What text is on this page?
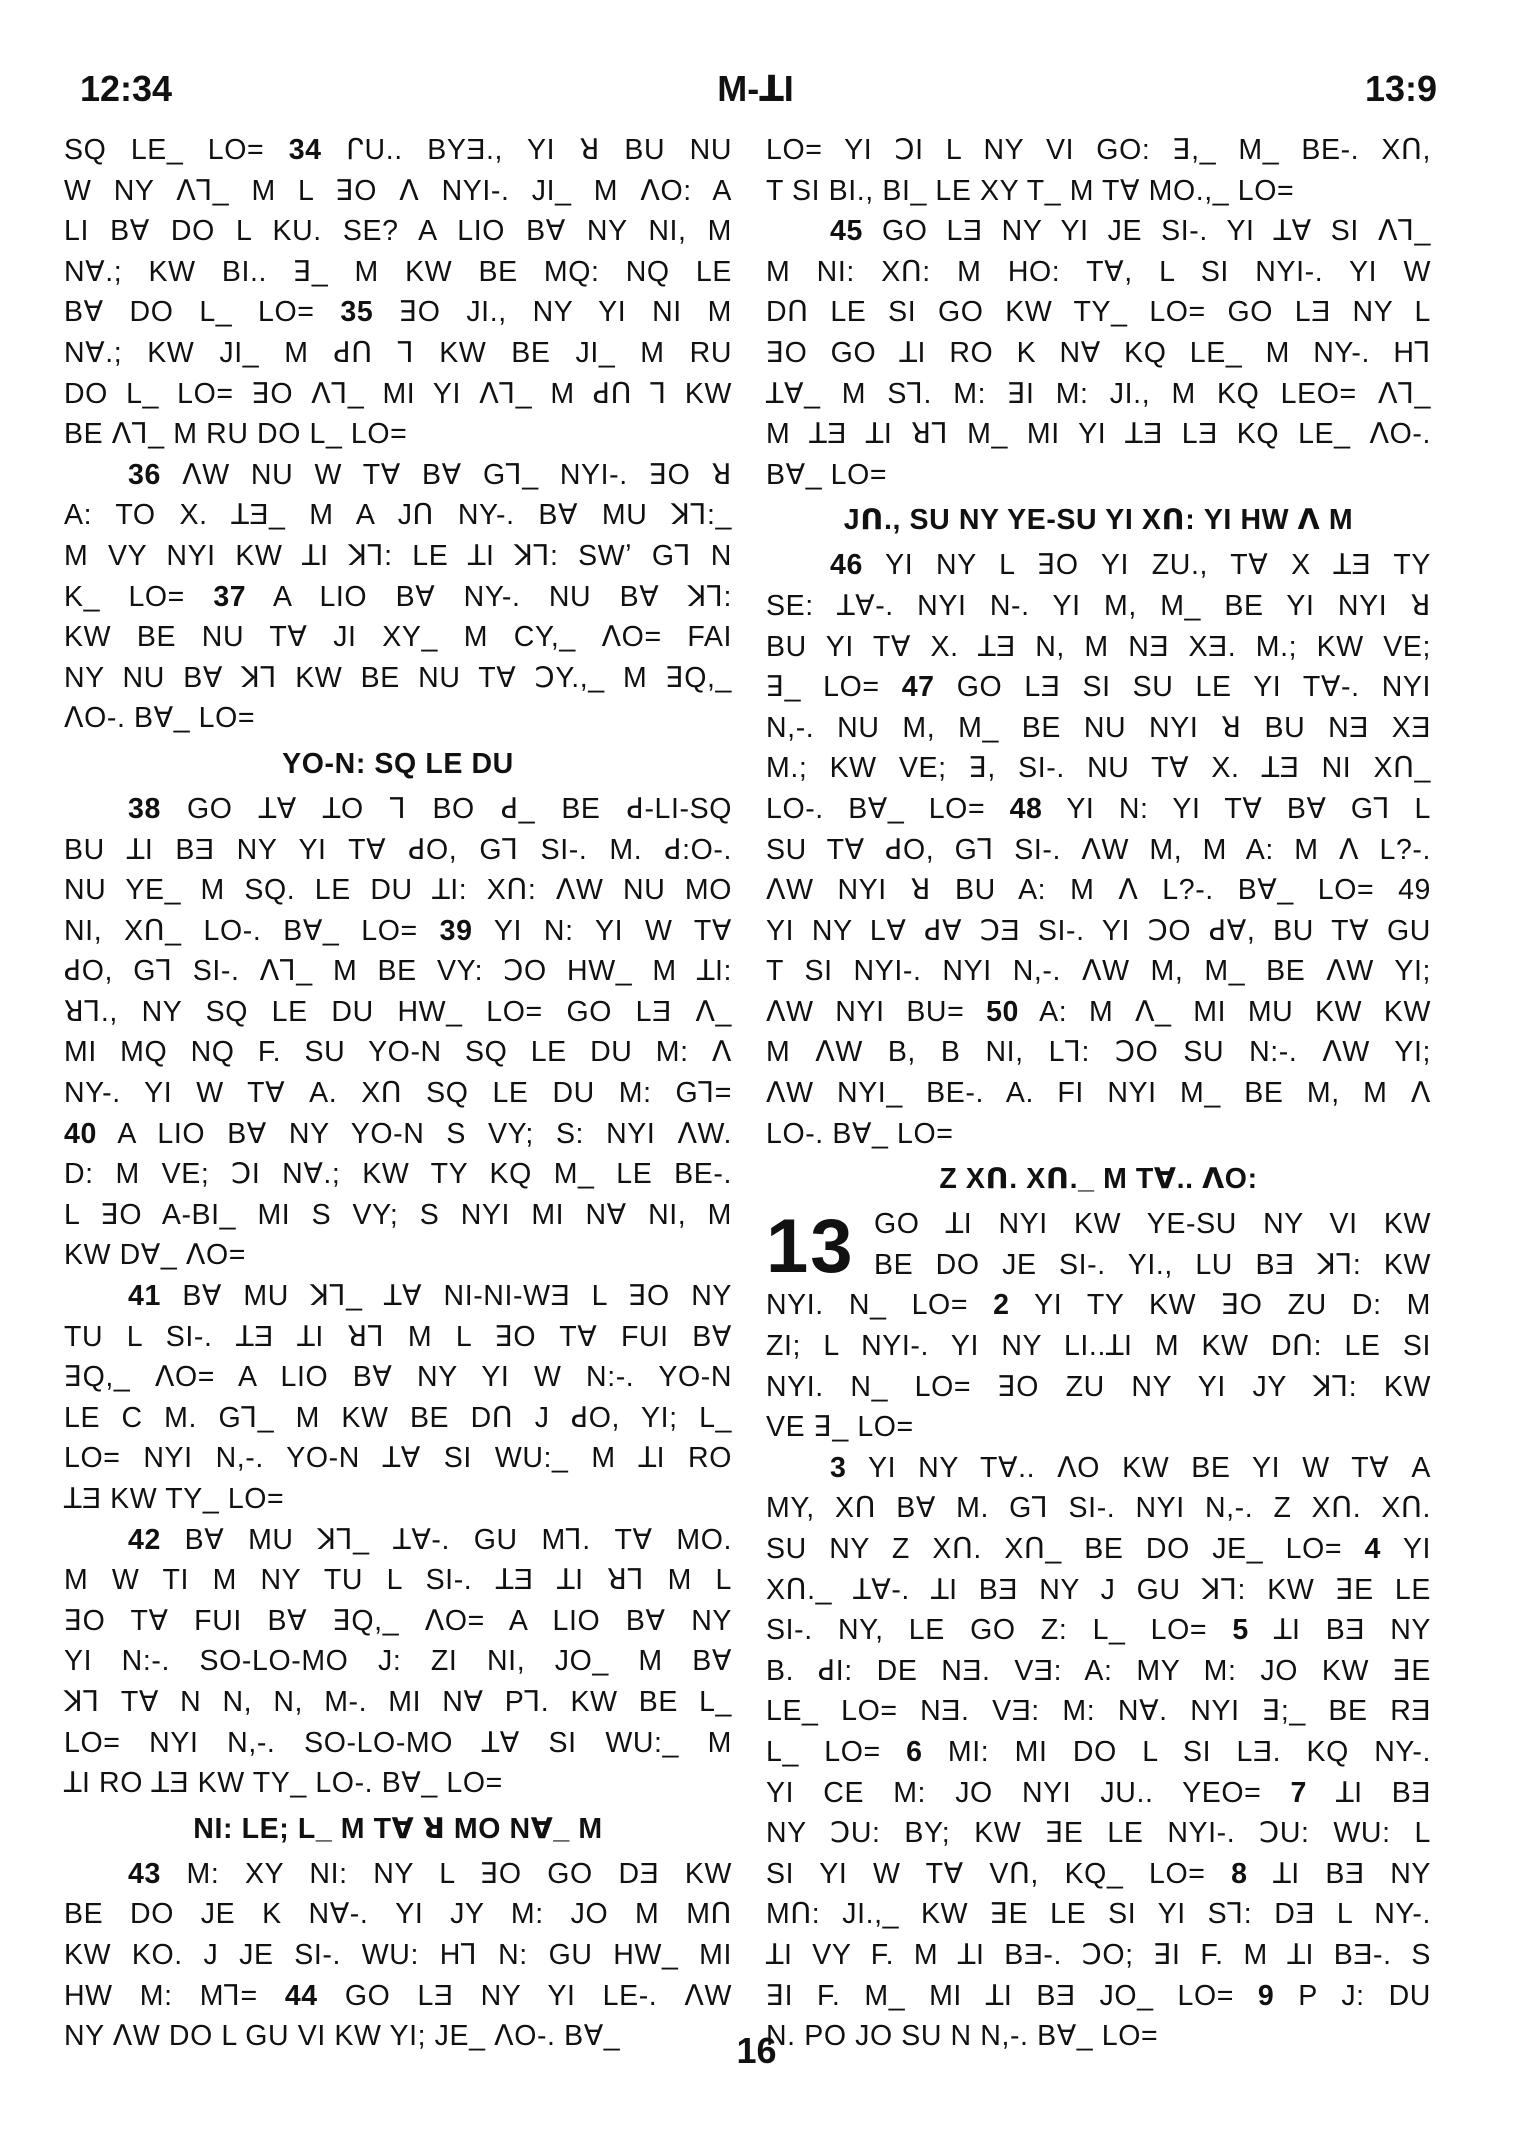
12:34	M-ꓕI	13:9
SQ LE_ LO= 34 ᒋU.. BYƎ., YI ꓤ BU NU
W NY ꓥꓶ_ M L ꓱO ꓥ NYI-. JI_ M ꓥO: A
LI Bꓯ DO L KU. SE? A LIO Bꓯ NY NI, M
Nꓯ.; KW BI.. ꓱ_ M KW BE MQ: NQ LE
Bꓯ DO L_ LO= 35 ꓱO JI., NY YI NI M
Nꓯ.; KW JI_ M ꓒꓵ ꓶ KW BE JI_ M RU
DO L_ LO= ꓱO ꓥꓶ_ MI YI ꓥꓶ_ M ꓒꓵ ꓶ KW
BE ꓥꓶ_ M RU DO L_ LO=
36 ꓥW NU W Tꓯ Bꓯ Gꓶ_ NYI-. ꓱO ꓤ
A: TO X. ꓕƎ_ M A Jꓵ NY-. Bꓯ MU ꓘꓶ:_
M VY NYI KW ꓕI ꓘꓶ: LE ꓕI ꓘꓶ: SWʼ Gꓶ N
K_ LO= 37 A LIO Bꓯ NY-. NU Bꓯ ꓘꓶ:
KW BE NU Tꓯ JI XY_ M CY,_ ꓥO= FAI
NY NU Bꓯ ꓘꓶ KW BE NU Tꓯ ꓛY.,_ M ꓱQ,_
ꓥO-. Bꓯ_ LO=
YO-N: SQ LE DU
38 GO ꓕꓯ ꓕO ꓶ BO ꓒ_ BE ꓒ-LI-SQ
BU ꓕI BƎ NY YI Tꓯ ꓒO, Gꓶ SI-. M. ꓒ:O-.
NU YE_ M SQ. LE DU ꓕI: Xꓵ: ꓥW NU MO
NI, Xꓵ_ LO-. Bꓯ_ LO= 39 YI N: YI W Tꓯ
ꓒO, Gꓶ SI-. ꓥꓶ_ M BE VY: ꓛO HW_ M ꓕI:
ꓤꓶ., NY SQ LE DU HW_ LO= GO LƎ ꓥ_
MI MQ NQ F. SU YO-N SQ LE DU M: ꓥ
NY-. YI W Tꓯ A. Xꓵ SQ LE DU M: Gꓶ=
40 A LIO Bꓯ NY YO-N S VY; S: NYI ꓥW.
D: M VE; ꓛI Nꓯ.; KW TY KQ M_ LE BE-.
L ꓱO A-BI_ MI S VY; S NYI MI Nꓯ NI, M
KW Dꓯ_ ꓥO=
41 Bꓯ MU ꓘꓶ_ ꓕꓯ NI-NI-WƎ L ꓱO NY
TU L SI-. ꓕƎ ꓕI ꓤꓶ M L ꓱO Tꓯ FUI Bꓯ
ꓱQ,_ ꓥO= A LIO Bꓯ NY YI W N:-. YO-N
LE C M. Gꓶ_ M KW BE Dꓵ J ꓒO, YI; L_
LO= NYI N,-. YO-N ꓕꓯ SI WU:_ M ꓕI RO
ꓕƎ KW TY_ LO=
42 Bꓯ MU ꓘꓶ_ ꓕꓯ-. GU Mꓶ. Tꓯ MO.
M W TI M NY TU L SI-. ꓕƎ ꓕI ꓤꓶ M L
ꓱO Tꓯ FUI Bꓯ ꓱQ,_ ꓥO= A LIO Bꓯ NY
YI N:-. SO-LO-MO J: ZI NI, JO_ M Bꓯ
ꓘꓶ Tꓯ N N, N, M-. MI Nꓯ Pꓶ. KW BE L_
LO= NYI N,-. SO-LO-MO ꓕꓯ SI WU:_ M
ꓕI RO ꓕƎ KW TY_ LO-. Bꓯ_ LO=
NI: LE; L_ M Tꓯ ꓤ MO Nꓯ_ M
43 M: XY NI: NY L ꓱO GO DƎ KW
BE DO JE K Nꓯ-. YI JY M: JO M Mꓵ
KW KO. J JE SI-. WU: Hꓶ N: GU HW_ MI
HW M: Mꓶ= 44 GO LƎ NY YI LE-. ꓥW
NY ꓥW DO L GU VI KW YI; JE_ ꓥO-. Bꓯ_
LO= YI ꓛI L NY VI GO: ꓱ,_ M_ BE-. Xꓵ,
T SI BI., BI_ LE XY T_ M Tꓯ MO.,_ LO=
45 GO LƎ NY YI JE SI-. YI ꓕꓯ SI ꓥꓶ_
M NI: Xꓵ: M HO: Tꓯ, L SI NYI-. YI W
Dꓵ LE SI GO KW TY_ LO= GO LƎ NY L
ꓱO GO ꓕI RO K Nꓯ KQ LE_ M NY-. Hꓶ
ꓕꓯ_ M Sꓶ. M: ꓱI M: JI., M KQ LEO= ꓥꓶ_
M ꓕƎ ꓕI ꓤꓶ M_ MI YI ꓕƎ LƎ KQ LE_ ꓥO-.
Bꓯ_ LO=
Jꓵ., SU NY YE-SU YI Xꓵ: YI HW ꓥ M
46 YI NY L ꓱO YI ZU., Tꓯ X ꓕƎ TY
SE: ꓕꓯ-. NYI N-. YI M, M_ BE YI NYI ꓤ
BU YI Tꓯ X. ꓕƎ N, M NƎ XƎ. M.; KW VE;
ꓱ_ LO= 47 GO LƎ SI SU LE YI Tꓯ-. NYI
N,-. NU M, M_ BE NU NYI ꓤ BU NƎ XƎ
M.; KW VE; ꓱ, SI-. NU Tꓯ X. ꓕƎ NI Xꓵ_
LO-. Bꓯ_ LO= 48 YI N: YI Tꓯ Bꓯ Gꓶ L
SU Tꓯ ꓒO, Gꓶ SI-. ꓥW M, M A: M ꓥ L?-.
ꓥW NYI ꓤ BU A: M ꓥ L?-. Bꓯ_ LO= 49
YI NY Lꓯ ꓒꓯ ꓛƎ SI-. YI ꓛO ꓒꓯ, BU Tꓯ GU
T SI NYI-. NYI N,-. ꓥW M, M_ BE ꓥW YI;
ꓥW NYI BU= 50 A: M ꓥ_ MI MU KW KW
M ꓥW B, B NI, Lꓶ: ꓛO SU N:-. ꓥW YI;
ꓥW NYI_ BE-. A. FI NYI M_ BE M, M ꓥ
LO-. Bꓯ_ LO=
Z Xꓵ. Xꓵ._ M Tꓯ.. ꓥO:
13 GO ꓕI NYI KW YE-SU NY VI KW
BE DO JE SI-. YI., LU BƎ ꓘꓶ: KW
NYI. N_ LO= 2 YI TY KW ꓱO ZU D: M
ZI; L NYI-. YI NY LI..ꓕI M KW Dꓵ: LE SI
NYI. N_ LO= ꓱO ZU NY YI JY ꓘꓶ: KW
VE ꓱ_ LO=
3 YI NY Tꓯ.. ꓥO KW BE YI W Tꓯ A
MY, Xꓵ Bꓯ M. Gꓶ SI-. NYI N,-. Z Xꓵ. Xꓵ.
SU NY Z Xꓵ. Xꓵ_ BE DO JE_ LO= 4 YI
Xꓵ._ ꓕꓯ-. ꓕI BƎ NY J GU ꓘꓶ: KW ꓱE LE
SI-. NY, LE GO Z: L_ LO= 5 ꓕI BƎ NY
B. ꓒI: DE NƎ. VƎ: A: MY M: JO KW ꓱE
LE_ LO= NƎ. VƎ: M: Nꓯ. NYI ꓱ;_ BE RƎ
L_ LO= 6 MI: MI DO L SI LƎ. KQ NY-.
YI CE M: JO NYI JU.. YEO= 7 ꓕI BƎ
NY ꓛU: BY; KW ꓱE LE NYI-. ꓛU: WU: L
SI YI W Tꓯ Vꓵ, KQ_ LO= 8 ꓕI BƎ NY
Mꓵ: JI.,_ KW ꓱE LE SI YI Sꓶ: DƎ L NY-.
ꓕI VY F. M ꓕI BƎ-. ꓛO; ꓱI F. M ꓕI BƎ-. S
ꓱI F. M_ MI ꓕI BƎ JO_ LO= 9 P J: DU
N. PO JO SU N N,-. Bꓯ_ LO=
16
